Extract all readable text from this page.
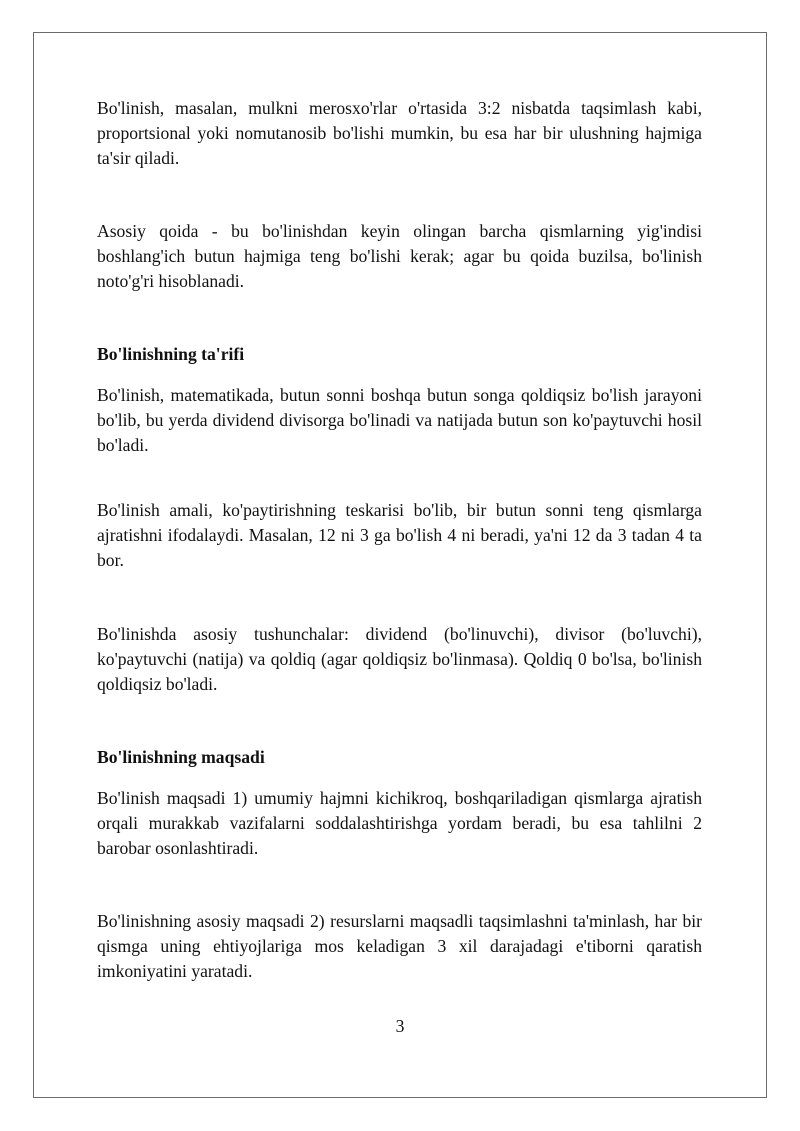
Bo'linish, masalan, mulkni merosxo'rlar o'rtasida 3:2 nisbatda taqsimlash kabi, proportsional yoki nomutanosib bo'lishi mumkin, bu esa har bir ulushning hajmiga ta'sir qiladi.

Asosiy qoida - bu bo'linishdan keyin olingan barcha qismlarning yig'indisi boshlang'ich butun hajmiga teng bo'lishi kerak; agar bu qoida buzilsa, bo'linish noto'g'ri hisoblanadi.

Bo'linishning ta'rifi

Bo'linish, matematikada, butun sonni boshqa butun songa qoldiqsiz bo'lish jarayoni bo'lib, bu yerda dividend divisorga bo'linadi va natijada butun son ko'paytuvchi hosil bo'ladi.

Bo'linish amali, ko'paytirishning teskarisi bo'lib, bir butun sonni teng qismlarga ajratishni ifodalaydi. Masalan, 12 ni 3 ga bo'lish 4 ni beradi, ya'ni 12 da 3 tadan 4 ta bor.

Bo'linishda asosiy tushunchalar: dividend (bo'linuvchi), divisor (bo'luvchi), ko'paytuvchi (natija) va qoldiq (agar qoldiqsiz bo'linmasa). Qoldiq 0 bo'lsa, bo'linish qoldiqsiz bo'ladi.

Bo'linishning maqsadi

Bo'linish maqsadi 1) umumiy hajmni kichikroq, boshqariladigan qismlarga ajratish orqali murakkab vazifalarni soddalashtirishga yordam beradi, bu esa tahlilni 2 barobar osonlashtiradi.

Bo'linishning asosiy maqsadi 2) resurslarni maqsadli taqsimlashni ta'minlash, har bir qismga uning ehtiyojlariga mos keladigan 3 xil darajadagi e'tiborni qaratish imkoniyatini yaratadi.

3
